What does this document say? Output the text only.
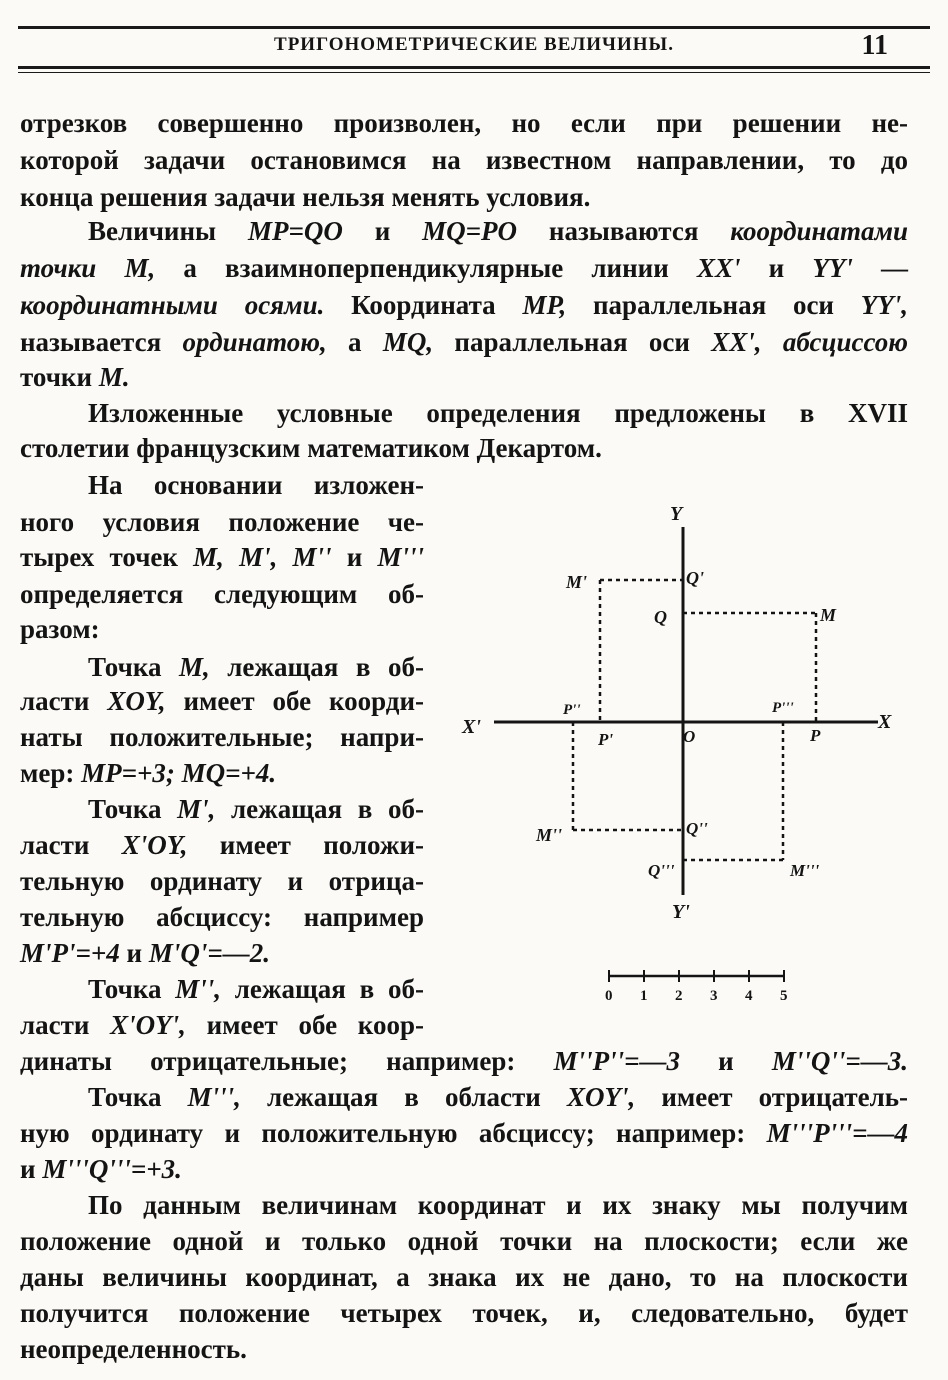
ТРИГОНОМЕТРИЧЕСКИЕ ВЕЛИЧИНЫ.	11
отрезков совершенно произволен, но если при решении не-
которой задачи остановимся на известном направлении, то до
конца решения задачи нельзя менять условия.
Величины MP=QO и MQ=PO называются координатами
точки M, а взаимноперпендикулярные линии XX' и YY' —
координатными осями. Координата MP, параллельная оси YY',
называется ординатою, а MQ, параллельная оси XX', абсциссою
точки M.
Изложенные условные определения предложены в XVII
столетии французским математиком Декартом.
На основании изложен-
ного условия положение че-
тырех точек M, M', M'' и M'''
определяется следующим об-
разом:
Точка M, лежащая в об-
ласти XOY, имеет обе коорди-
наты положительные; напри-
мер: MP=+3; MQ=+4.
Точка M', лежащая в об-
ласти X'OY, имеет положи-
тельную ординату и отрица-
тельную абсциссу: например
M'P'=+4 и M'Q'=—2.
Точка M'', лежащая в об-
ласти X'OY', имеет обе коор-
динаты отрицательные; например: M''P''=—3 и M''Q''=—3.
Точка M''', лежащая в области XOY', имеет отрицатель-
ную ординату и положительную абсциссу; например: M'''P'''=—4
и M'''Q'''=+3.
По данным величинам координат и их знаку мы получим
положение одной и только одной точки на плоскости; если же
даны величины координат, а знака их не дано, то на плоскости
получится положение четырех точек, и, следовательно, будет
неопределенность.
Y
Y'
X
X'	O
M
M'
M''
M'''
Q
Q'
Q''
Q'''
P
P'
P''	P'''
0 1 2 3 4 5
